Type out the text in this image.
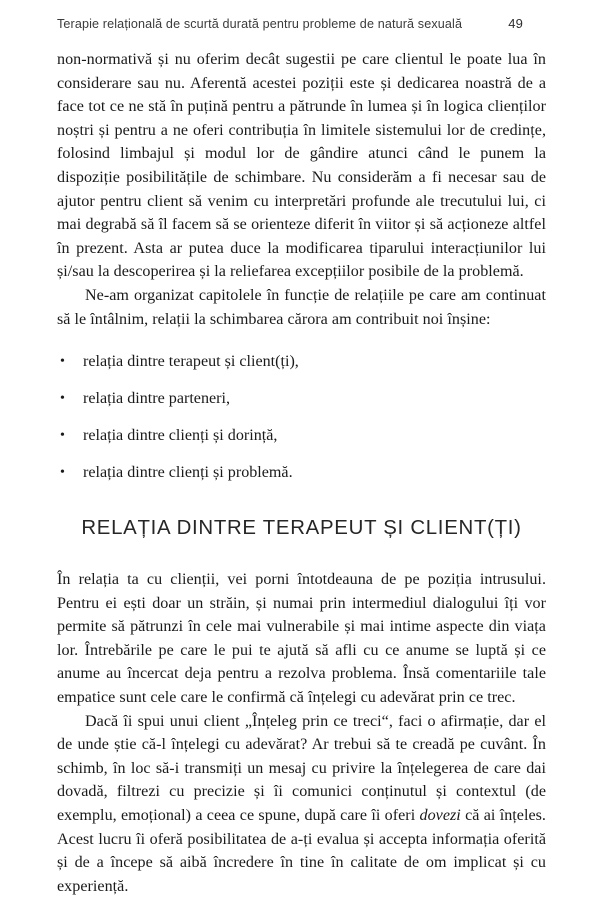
Terapie relațională de scurtă durată pentru probleme de natură sexuală	49

non-normativă și nu oferim decât sugestii pe care clientul le poate lua în considerare sau nu. Aferentă acestei poziții este și dedicarea noastră de a face tot ce ne stă în puțină pentru a pătrunde în lumea și în logica clienților noștri și pentru a ne oferi contribuția în limitele sistemului lor de credințe, folosind limbajul și modul lor de gândire atunci când le punem la dispoziție posibilitățile de schimbare. Nu considerăm a fi necesar sau de ajutor pentru client să venim cu interpretări profunde ale trecutului lui, ci mai degrabă să îl facem să se orienteze diferit în viitor și să acționeze altfel în prezent. Asta ar putea duce la modificarea tiparului interacțiunilor lui și/sau la descoperirea și la reliefarea excepțiilor posibile de la problemă.

Ne-am organizat capitolele în funcție de relațiile pe care am continuat să le întâlnim, relații la schimbarea cărora am contribuit noi înșine:

•	relația dintre terapeut și client(ți),
•	relația dintre parteneri,
•	relația dintre clienți și dorință,
•	relația dintre clienți și problemă.
RELAȚIA DINTRE TERAPEUT ȘI CLIENT(ȚI)

În relația ta cu clienții, vei porni întotdeauna de pe poziția intrusului. Pentru ei ești doar un străin, și numai prin intermediul dialogului îți vor permite să pătrunzi în cele mai vulnerabile și mai intime aspecte din viața lor. Întrebările pe care le pui te ajută să afli cu ce anume se luptă și ce anume au încercat deja pentru a rezolva problema. Însă comentariile tale empatice sunt cele care le confirmă că înțelegi cu adevărat prin ce trec.

Dacă îi spui unui client „Înțeleg prin ce treci“, faci o afirmație, dar el de unde știe că-l înțelegi cu adevărat? Ar trebui să te creadă pe cuvânt. În schimb, în loc să-i transmiți un mesaj cu privire la înțelegerea de care dai dovadă, filtrezi cu precizie și îi comunici conținutul și contextul (de exemplu, emoțional) a ceea ce spune, după care îi oferi dovezi că ai înțeles. Acest lucru îi oferă posibilitatea de a-ți evalua și accepta informația oferită și de a începe să aibă încredere în tine în calitate de om implicat și cu experiență.
